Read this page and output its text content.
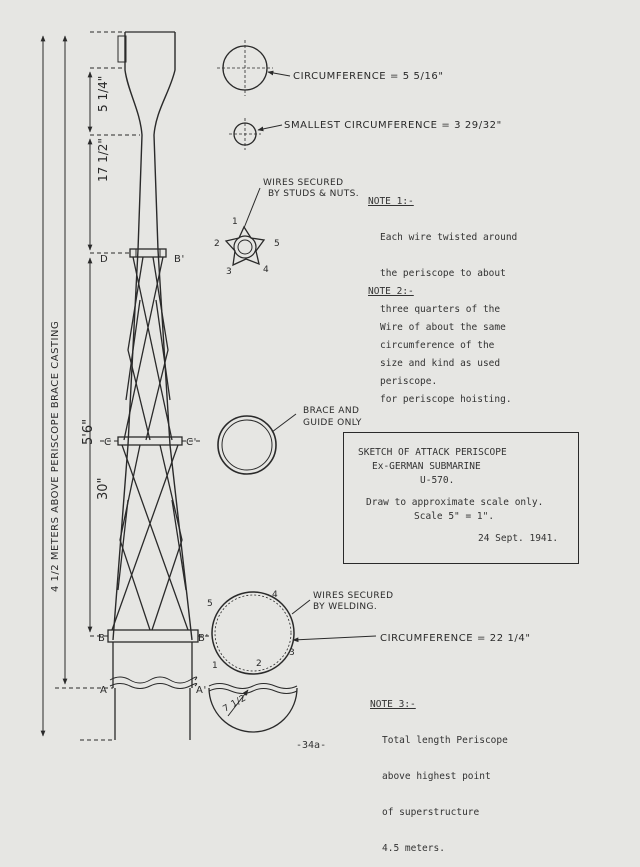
4 1/2 METERS ABOVE PERISCOPE BRACE CASTING 5'6"
5 1/4"
17 1/2"
30"
D	B'
C	C'
B	B'
A	A'
CIRCUMFERENCE = 5 5/16"
SMALLEST CIRCUMFERENCE = 3 29/32"
WIRES SECURED
BY STUDS & NUTS.
1
2
3	4
5
BRACE AND
GUIDE ONLY
5
4
3
2
1
WIRES SECURED
BY WELDING.
CIRCUMFERENCE = 22 1/4"
7 1/2"

NOTE 1:-

Each wire twisted around

the periscope to about

three quarters of the

circumference of the

periscope.

NOTE 2:-

Wire of about the same

size and kind as used

for periscope hoisting.

NOTE 3:-

Total length Periscope

above highest point

of superstructure

4.5 meters.

SKETCH OF ATTACK PERISCOPE
Ex-GERMAN SUBMARINE
U-570.
Draw to approximate scale only.
Scale 5" = 1".
24 Sept. 1941.
-34a-
